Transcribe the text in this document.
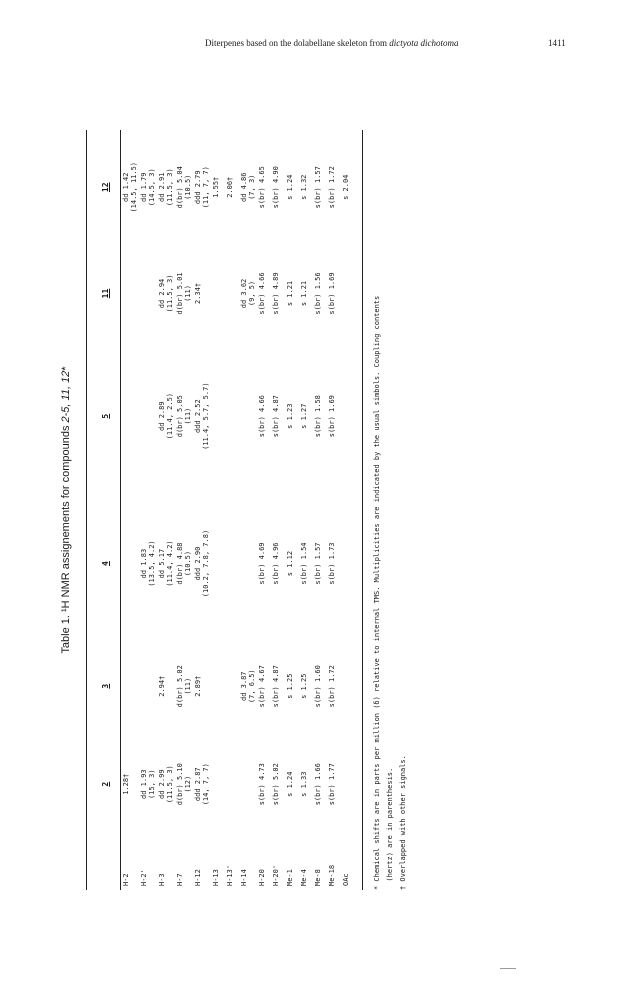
Diterpenes based on the dolabellane skeleton from dictyota dichotoma	1411
Table 1. ¹H NMR assignements for compounds 2-5, 11, 12*
	2	3	4	5	11	12
H-2	1.28†					dd 1.42
(14.5, 11.5)
H-2'	dd 1.93
(15, 3)		dd 1.83
(13.5, 4.2)			dd 1.79
(14.5, 3)
H-3	dd 2.99
(11.5, 3)	2.94†	dd 5.17
(11.4, 4.2)	dd 2.89
(11.4, 2.5)	dd 2.94
(11.5, 3)	dd 2.91
(11.5, 3)
H-7	d(br) 5.10
(12)	d(br) 5.02
(11)	d(br) 4.88
(10.5)	d(br) 5.05
(11)	d(br) 5.01
(11)	d(br) 5.04
(10.5)
H-12	ddd 2.87
(14, 7, 7)	2.89†	ddd 2.90
(10.2, 7.8, 7.8)	ddd 2.52
(11.4, 5.7, 5.7)	2.34†	ddd 2.79
(11, 7, 7)
H-13						1.55†
H-13'						2.06†
H-14		dd 3.87
(7, 6.5)			dd 3.62
(9, 5)	dd 4.86
(7, 3)
H-20	s(br) 4.73	s(br) 4.67	s(br) 4.69	s(br) 4.66	s(br) 4.66	s(br) 4.65
H-20'	s(br) 5.02	s(br) 4.87	s(br) 4.96	s(br) 4.87	s(br) 4.89	s(br) 4.90
Me-1	s 1.24	s 1.25	s 1.12	s 1.23	s 1.21	s 1.24
Me-4	s 1.33	s 1.25	s(br) 1.54	s 1.27	s 1.21	s 1.32
Me-8	s(br) 1.66	s(br) 1.60	s(br) 1.57	s(br) 1.58	s(br) 1.56	s(br) 1.57
Me-18	s(br) 1.77	s(br) 1.72	s(br) 1.73	s(br) 1.69	s(br) 1.69	s(br) 1.72
OAc						s 2.04
* Chemical shifts are in parts per million (δ) relative to internal TMS. Multiplicities are indicated by the usual simbols. Coupling contents (hertz) are in parenthesis. † Overlapped with other signals.
